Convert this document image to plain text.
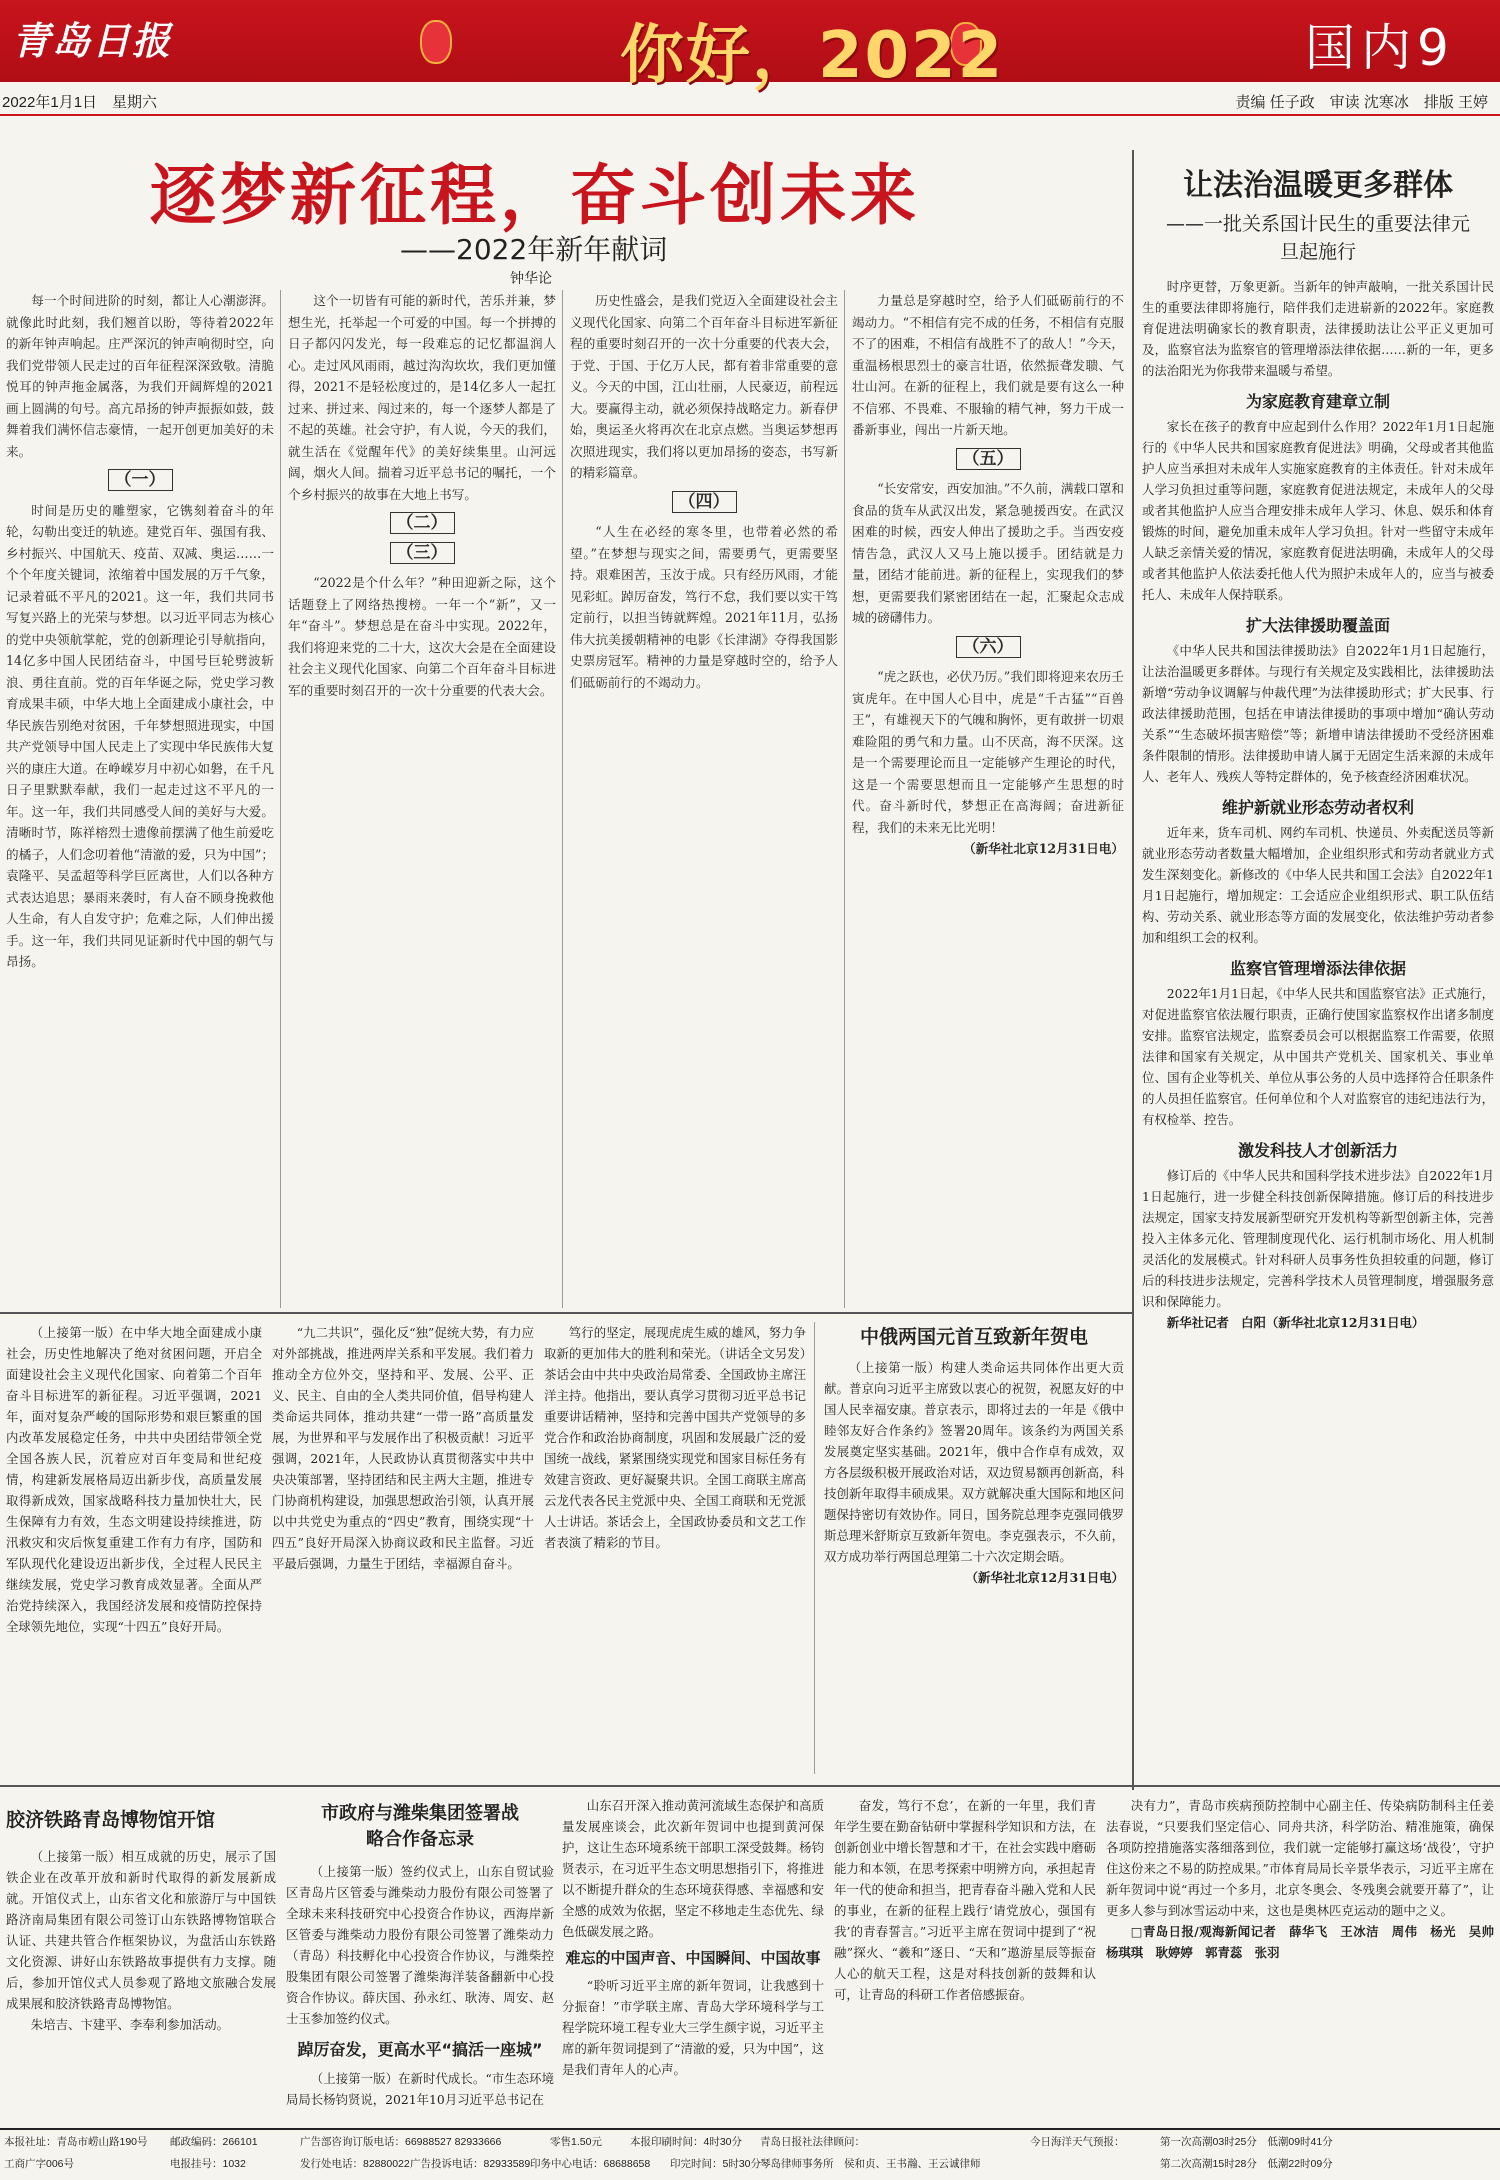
青岛日报	你好，2022	国内9
2022年1月1日　星期六	责编 任子政　审读 沈寒冰　排版 王婷
逐梦新征程，奋斗创未来
——2022年新年献词
钟华论

每一个时间进阶的时刻，都让人心潮澎湃。就像此时此刻，我们翘首以盼，等待着2022年的新年钟声响起。庄严深沉的钟声响彻时空，向我们党带领人民走过的百年征程深深致敬。清脆悦耳的钟声拖金属落，为我们开阔辉煌的2021画上圆满的句号。高亢昂扬的钟声振振如鼓，鼓舞着我们满怀信志豪情，一起开创更加美好的未来。

（一）

时间是历史的雕塑家，它镌刻着奋斗的年轮，勾勒出变迁的轨迹。建党百年、强国有我、乡村振兴、中国航天、疫苗、双减、奥运……一个个年度关键词，浓缩着中国发展的万千气象，记录着砥不平凡的2021。这一年，我们共同书写复兴路上的光荣与梦想。以习近平同志为核心的党中央领航掌舵，党的创新理论引导航指向，14亿多中国人民团结奋斗，中国号巨轮劈波斩浪、勇往直前。党的百年华诞之际，党史学习教育成果丰硕，中华大地上全面建成小康社会，中华民族告别绝对贫困，千年梦想照进现实，中国共产党领导中国人民走上了实现中华民族伟大复兴的康庄大道。在峥嵘岁月中初心如磐，在千凡日子里默默奉献，我们一起走过这不平凡的一年。这一年，我们共同感受人间的美好与大爱。清晰时节，陈祥榕烈士遗像前摆满了他生前爱吃的橘子，人们念叨着他“清澈的爱，只为中国”；袁隆平、吴孟超等科学巨匠离世，人们以各种方式表达追思；暴雨来袭时，有人奋不顾身挽救他人生命，有人自发守护；危难之际，人们伸出援手。这一年，我们共同见证新时代中国的朝气与昂扬。

这个一切皆有可能的新时代，苦乐并兼，梦想生光，托举起一个可爱的中国。每一个拼搏的日子都闪闪发光，每一段难忘的记忆都温润人心。走过风风雨雨，越过沟沟坎坎，我们更加懂得，2021不是轻松度过的，是14亿多人一起扛过来、拼过来、闯过来的，每一个逐梦人都是了不起的英雄。社会守护，有人说，今天的我们，就生活在《觉醒年代》的美好续集里。山河远阔，烟火人间。揣着习近平总书记的嘱托，一个个乡村振兴的故事在大地上书写。

（二）
（三）

“2022是个什么年？”种田迎新之际，这个话题登上了网络热搜榜。一年一个“新”，又一年“奋斗”。梦想总是在奋斗中实现。2022年，我们将迎来党的二十大，这次大会是在全面建设社会主义现代化国家、向第二个百年奋斗目标进军的重要时刻召开的一次十分重要的代表大会。

历史性盛会，是我们党迈入全面建设社会主义现代化国家、向第二个百年奋斗目标进军新征程的重要时刻召开的一次十分重要的代表大会，于党、于国、于亿万人民，都有着非常重要的意义。今天的中国，江山壮丽，人民豪迈，前程远大。要赢得主动，就必须保持战略定力。新春伊始，奥运圣火将再次在北京点燃。当奥运梦想再次照进现实，我们将以更加昂扬的姿态，书写新的精彩篇章。

（四）

“人生在必经的寒冬里，也带着必然的希望。”在梦想与现实之间，需要勇气，更需要坚持。艰难困苦，玉汝于成。只有经历风雨，才能见彩虹。踔厉奋发，笃行不怠，我们要以实干笃定前行，以担当铸就辉煌。2021年11月，弘扬伟大抗美援朝精神的电影《长津湖》夺得我国影史票房冠军。精神的力量是穿越时空的，给予人们砥砺前行的不竭动力。

力量总是穿越时空，给予人们砥砺前行的不竭动力。“不相信有完不成的任务，不相信有克服不了的困难，不相信有战胜不了的敌人！”今天，重温杨根思烈士的豪言壮语，依然振聋发聩、气壮山河。在新的征程上，我们就是要有这么一种不信邪、不畏难、不服输的精气神，努力干成一番新事业，闯出一片新天地。

（五）

“长安常安，西安加油。”不久前，满载口罩和食品的货车从武汉出发，紧急驰援西安。在武汉困难的时候，西安人伸出了援助之手。当西安疫情告急，武汉人又马上施以援手。团结就是力量，团结才能前进。新的征程上，实现我们的梦想，更需要我们紧密团结在一起，汇聚起众志成城的磅礴伟力。

（六）

“虎之跃也，必伏乃厉。”我们即将迎来农历壬寅虎年。在中国人心目中，虎是“千古猛”“百兽王”，有雄视天下的气魄和胸怀，更有敢拼一切艰难险阻的勇气和力量。山不厌高，海不厌深。这是一个需要理论而且一定能够产生理论的时代，这是一个需要思想而且一定能够产生思想的时代。奋斗新时代，梦想正在高海阔；奋进新征程，我们的未来无比光明！

（新华社北京12月31日电）

让法治温暖更多群体
——一批关系国计民生的重要法律元旦起施行

时序更替，万象更新。当新年的钟声敲响，一批关系国计民生的重要法律即将施行，陪伴我们走进崭新的2022年。家庭教育促进法明确家长的教育职责，法律援助法让公平正义更加可及，监察官法为监察官的管理增添法律依据……新的一年，更多的法治阳光为你我带来温暖与希望。

为家庭教育建章立制

家长在孩子的教育中应起到什么作用？2022年1月1日起施行的《中华人民共和国家庭教育促进法》明确，父母或者其他监护人应当承担对未成年人实施家庭教育的主体责任。针对未成年人学习负担过重等问题，家庭教育促进法规定，未成年人的父母或者其他监护人应当合理安排未成年人学习、休息、娱乐和体育锻炼的时间，避免加重未成年人学习负担。针对一些留守未成年人缺乏亲情关爱的情况，家庭教育促进法明确，未成年人的父母或者其他监护人依法委托他人代为照护未成年人的，应当与被委托人、未成年人保持联系。

扩大法律援助覆盖面

《中华人民共和国法律援助法》自2022年1月1日起施行，让法治温暖更多群体。与现行有关规定及实践相比，法律援助法新增“劳动争议调解与仲裁代理”为法律援助形式；扩大民事、行政法律援助范围，包括在申请法律援助的事项中增加“确认劳动关系”“生态破坏损害赔偿”等；新增申请法律援助不受经济困难条件限制的情形。法律援助申请人属于无固定生活来源的未成年人、老年人、残疾人等特定群体的，免予核查经济困难状况。

维护新就业形态劳动者权利

近年来，货车司机、网约车司机、快递员、外卖配送员等新就业形态劳动者数量大幅增加，企业组织形式和劳动者就业方式发生深刻变化。新修改的《中华人民共和国工会法》自2022年1月1日起施行，增加规定：工会适应企业组织形式、职工队伍结构、劳动关系、就业形态等方面的发展变化，依法维护劳动者参加和组织工会的权利。

监察官管理增添法律依据

2022年1月1日起，《中华人民共和国监察官法》正式施行，对促进监察官依法履行职责，正确行使国家监察权作出诸多制度安排。监察官法规定，监察委员会可以根据监察工作需要，依照法律和国家有关规定，从中国共产党机关、国家机关、事业单位、国有企业等机关、单位从事公务的人员中选择符合任职条件的人员担任监察官。任何单位和个人对监察官的违纪违法行为，有权检举、控告。

激发科技人才创新活力

修订后的《中华人民共和国科学技术进步法》自2022年1月1日起施行，进一步健全科技创新保障措施。修订后的科技进步法规定，国家支持发展新型研究开发机构等新型创新主体，完善投入主体多元化、管理制度现代化、运行机制市场化、用人机制灵活化的发展模式。针对科研人员事务性负担较重的问题，修订后的科技进步法规定，完善科学技术人员管理制度，增强服务意识和保障能力。

新华社记者　白阳（新华社北京12月31日电）

（上接第一版）在中华大地全面建成小康社会，历史性地解决了绝对贫困问题，开启全面建设社会主义现代化国家、向着第二个百年奋斗目标进军的新征程。习近平强调，2021年，面对复杂严峻的国际形势和艰巨繁重的国内改革发展稳定任务，中共中央团结带领全党全国各族人民，沉着应对百年变局和世纪疫情，构建新发展格局迈出新步伐，高质量发展取得新成效，国家战略科技力量加快壮大，民生保障有力有效，生态文明建设持续推进，防汛救灾和灾后恢复重建工作有力有序，国防和军队现代化建设迈出新步伐，全过程人民民主继续发展，党史学习教育成效显著。全面从严治党持续深入，我国经济发展和疫情防控保持全球领先地位，实现“十四五”良好开局。

“九二共识”，强化反“独”促统大势，有力应对外部挑战，推进两岸关系和平发展。我们着力推动全方位外交，坚持和平、发展、公平、正义、民主、自由的全人类共同价值，倡导构建人类命运共同体，推动共建“一带一路”高质量发展，为世界和平与发展作出了积极贡献！习近平强调，2021年，人民政协认真贯彻落实中共中央决策部署，坚持团结和民主两大主题，推进专门协商机构建设，加强思想政治引领，认真开展以中共党史为重点的“四史”教育，围绕实现“十四五”良好开局深入协商议政和民主监督。习近平最后强调，力量生于团结，幸福源自奋斗。

笃行的坚定，展现虎虎生威的雄风，努力争取新的更加伟大的胜利和荣光。（讲话全文另发）茶话会由中共中央政治局常委、全国政协主席汪洋主持。他指出，要认真学习贯彻习近平总书记重要讲话精神，坚持和完善中国共产党领导的多党合作和政治协商制度，巩固和发展最广泛的爱国统一战线，紧紧围绕实现党和国家目标任务有效建言资政、更好凝聚共识。全国工商联主席高云龙代表各民主党派中央、全国工商联和无党派人士讲话。茶话会上，全国政协委员和文艺工作者表演了精彩的节目。

中俄两国元首互致新年贺电

（上接第一版）构建人类命运共同体作出更大贡献。普京向习近平主席致以衷心的祝贺，祝愿友好的中国人民幸福安康。普京表示，即将过去的一年是《俄中睦邻友好合作条约》签署20周年。该条约为两国关系发展奠定坚实基础。2021年，俄中合作卓有成效，双方各层级积极开展政治对话，双边贸易额再创新高，科技创新年取得丰硕成果。双方就解决重大国际和地区问题保持密切有效协作。同日，国务院总理李克强同俄罗斯总理米舒斯京互致新年贺电。李克强表示，不久前，双方成功举行两国总理第二十六次定期会晤。

（新华社北京12月31日电）

胶济铁路青岛博物馆开馆

（上接第一版）相互成就的历史，展示了国铁企业在改革开放和新时代取得的新发展新成就。开馆仪式上，山东省文化和旅游厅与中国铁路济南局集团有限公司签订山东铁路博物馆联合认证、共建共管合作框架协议，为盘活山东铁路文化资源、讲好山东铁路故事提供有力支撑。随后，参加开馆仪式人员参观了路地文旅融合发展成果展和胶济铁路青岛博物馆。

朱培吉、卞建平、李奉利参加活动。

市政府与潍柴集团签署战略合作备忘录

（上接第一版）签约仪式上，山东自贸试验区青岛片区管委与潍柴动力股份有限公司签署了全球未来科技研究中心投资合作协议，西海岸新区管委与潍柴动力股份有限公司签署了潍柴动力（青岛）科技孵化中心投资合作协议，与潍柴控股集团有限公司签署了潍柴海洋装备翻新中心投资合作协议。薛庆国、孙永红、耿涛、周安、赵士玉参加签约仪式。

踔厉奋发，更高水平“搞活一座城”

（上接第一版）在新时代成长。“市生态环境局局长杨钧贤说，2021年10月习近平总书记在

山东召开深入推动黄河流域生态保护和高质量发展座谈会，此次新年贺词中也提到黄河保护，这让生态环境系统干部职工深受鼓舞。杨钧贤表示，在习近平生态文明思想指引下，将推进以不断提升群众的生态环境获得感、幸福感和安全感的成效为依据，坚定不移地走生态优先、绿色低碳发展之路。

难忘的中国声音、中国瞬间、中国故事

“聆听习近平主席的新年贺词，让我感到十分振奋！”市学联主席、青岛大学环境科学与工程学院环境工程专业大三学生颜宇说，习近平主席的新年贺词提到了“清澈的爱，只为中国”，这是我们青年人的心声。

奋发，笃行不怠’，在新的一年里，我们青年学生要在勤奋钻研中掌握科学知识和方法，在创新创业中增长智慧和才干，在社会实践中磨砺能力和本领，在思考探索中明辨方向，承担起青年一代的使命和担当，把青春奋斗融入党和人民的事业，在新的征程上践行‘请党放心，强国有我’的青春誓言。”习近平主席在贺词中提到了“祝融”探火、“羲和”逐日、“天和”遨游星辰等振奋人心的航天工程，这是对科技创新的鼓舞和认可，让青岛的科研工作者倍感振奋。

决有力”，青岛市疾病预防控制中心副主任、传染病防制科主任姜法春说，“只要我们坚定信心、同舟共济，科学防治、精准施策，确保各项防控措施落实落细落到位，我们就一定能够打赢这场‘战役’，守护住这份来之不易的防控成果。”市体育局局长辛景华表示，习近平主席在新年贺词中说“再过一个多月，北京冬奥会、冬残奥会就要开幕了”，让更多人参与到冰雪运动中来，这也是奥林匹克运动的题中之义。

□青岛日报/观海新闻记者　薛华飞　王冰洁　周伟　杨光　吴帅　杨琪琪　耿婷婷　郭青蕊　张羽

本报社址：青岛市崂山路190号 邮政编码：266101	广告部咨询订版电话：66988527 82933666	零售1.50元	本报印刷时间：4时30分 青岛日报社法律顾问：	今日海洋天气预报：
工商广字006号	电报挂号：1032	发行处电话：82880022 广告投诉电话：82933589 印务中心电话：68688658 印完时间：5时30分
琴岛律师事务所　侯和贞、王书瀚、王云诚律师
第一次高潮03时25分　低潮09时41分
第二次高潮15时28分　低潮22时09分
